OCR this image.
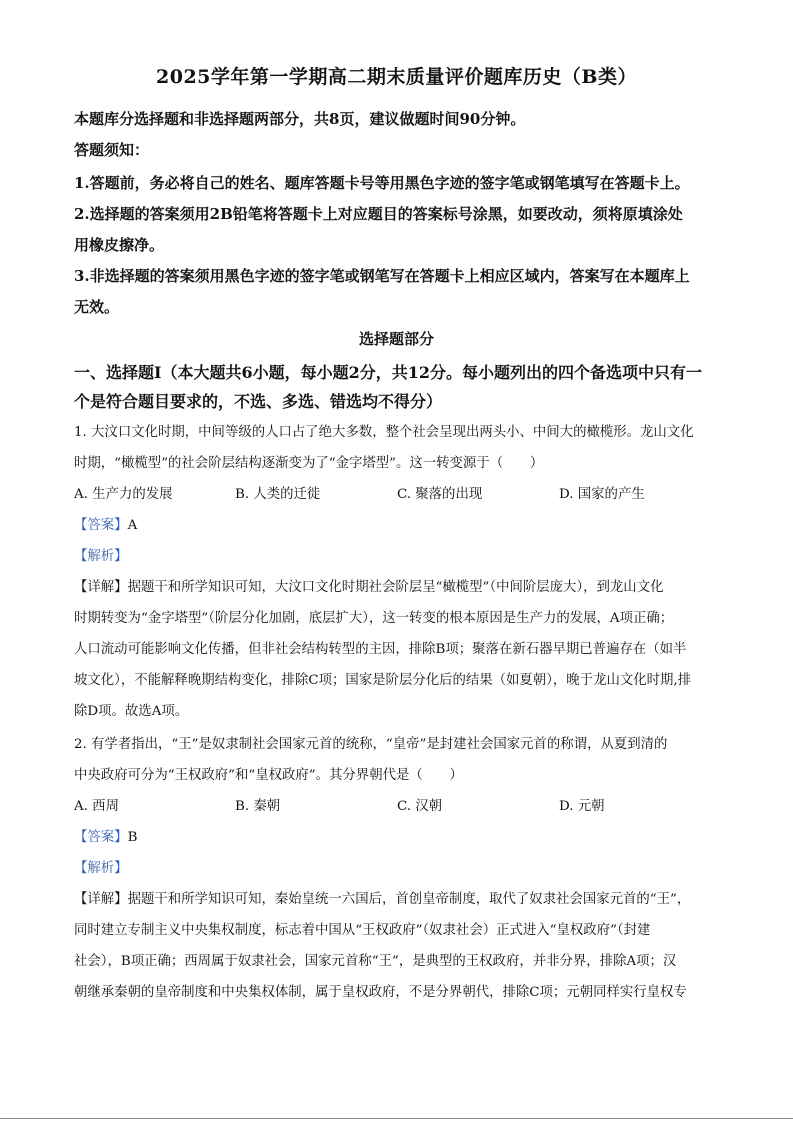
2025学年第一学期高二期末质量评价题库历史（B类）
本题库分选择题和非选择题两部分，共8页，建议做题时间90分钟。
答题须知：
1.答题前，务必将自己的姓名、题库答题卡号等用黑色字迹的签字笔或钢笔填写在答题卡上。
2.选择题的答案须用2B铅笔将答题卡上对应题目的答案标号涂黑，如要改动，须将原填涂处
用橡皮擦净。
3.非选择题的答案须用黑色字迹的签字笔或钢笔写在答题卡上相应区域内，答案写在本题库上
无效。
选择题部分
一、选择题Ⅰ（本大题共6小题，每小题2分，共12分。每小题列出的四个备选项中只有一
个是符合题目要求的，不选、多选、错选均不得分）
1. 大汶口文化时期，中间等级的人口占了绝大多数，整个社会呈现出两头小、中间大的橄榄形。龙山文化
时期，“橄榄型”的社会阶层结构逐渐变为了“金字塔型”。这一转变源于（　　）
A. 生产力的发展	B. 人类的迁徙	C. 聚落的出现	D. 国家的产生
【答案】A
【解析】
【详解】据题干和所学知识可知，大汶口文化时期社会阶层呈“橄榄型”（中间阶层庞大），到龙山文化
时期转变为“金字塔型”（阶层分化加剧，底层扩大），这一转变的根本原因是生产力的发展，A项正确；
人口流动可能影响文化传播，但非社会结构转型的主因，排除B项；聚落在新石器早期已普遍存在（如半
坡文化），不能解释晚期结构变化，排除C项；国家是阶层分化后的结果（如夏朝），晚于龙山文化时期,排
除D项。故选A项。
2. 有学者指出，“王”是奴隶制社会国家元首的统称，“皇帝”是封建社会国家元首的称谓，从夏到清的
中央政府可分为“王权政府”和“皇权政府”。其分界朝代是（　　）
A. 西周	B. 秦朝	C. 汉朝	D. 元朝
【答案】B
【解析】
【详解】据题干和所学知识可知，秦始皇统一六国后，首创皇帝制度，取代了奴隶社会国家元首的“王”，
同时建立专制主义中央集权制度，标志着中国从“王权政府”（奴隶社会）正式进入“皇权政府”（封建
社会），B项正确；西周属于奴隶社会，国家元首称“王”，是典型的王权政府，并非分界，排除A项；汉
朝继承秦朝的皇帝制度和中央集权体制，属于皇权政府，不是分界朝代，排除C项；元朝同样实行皇权专
